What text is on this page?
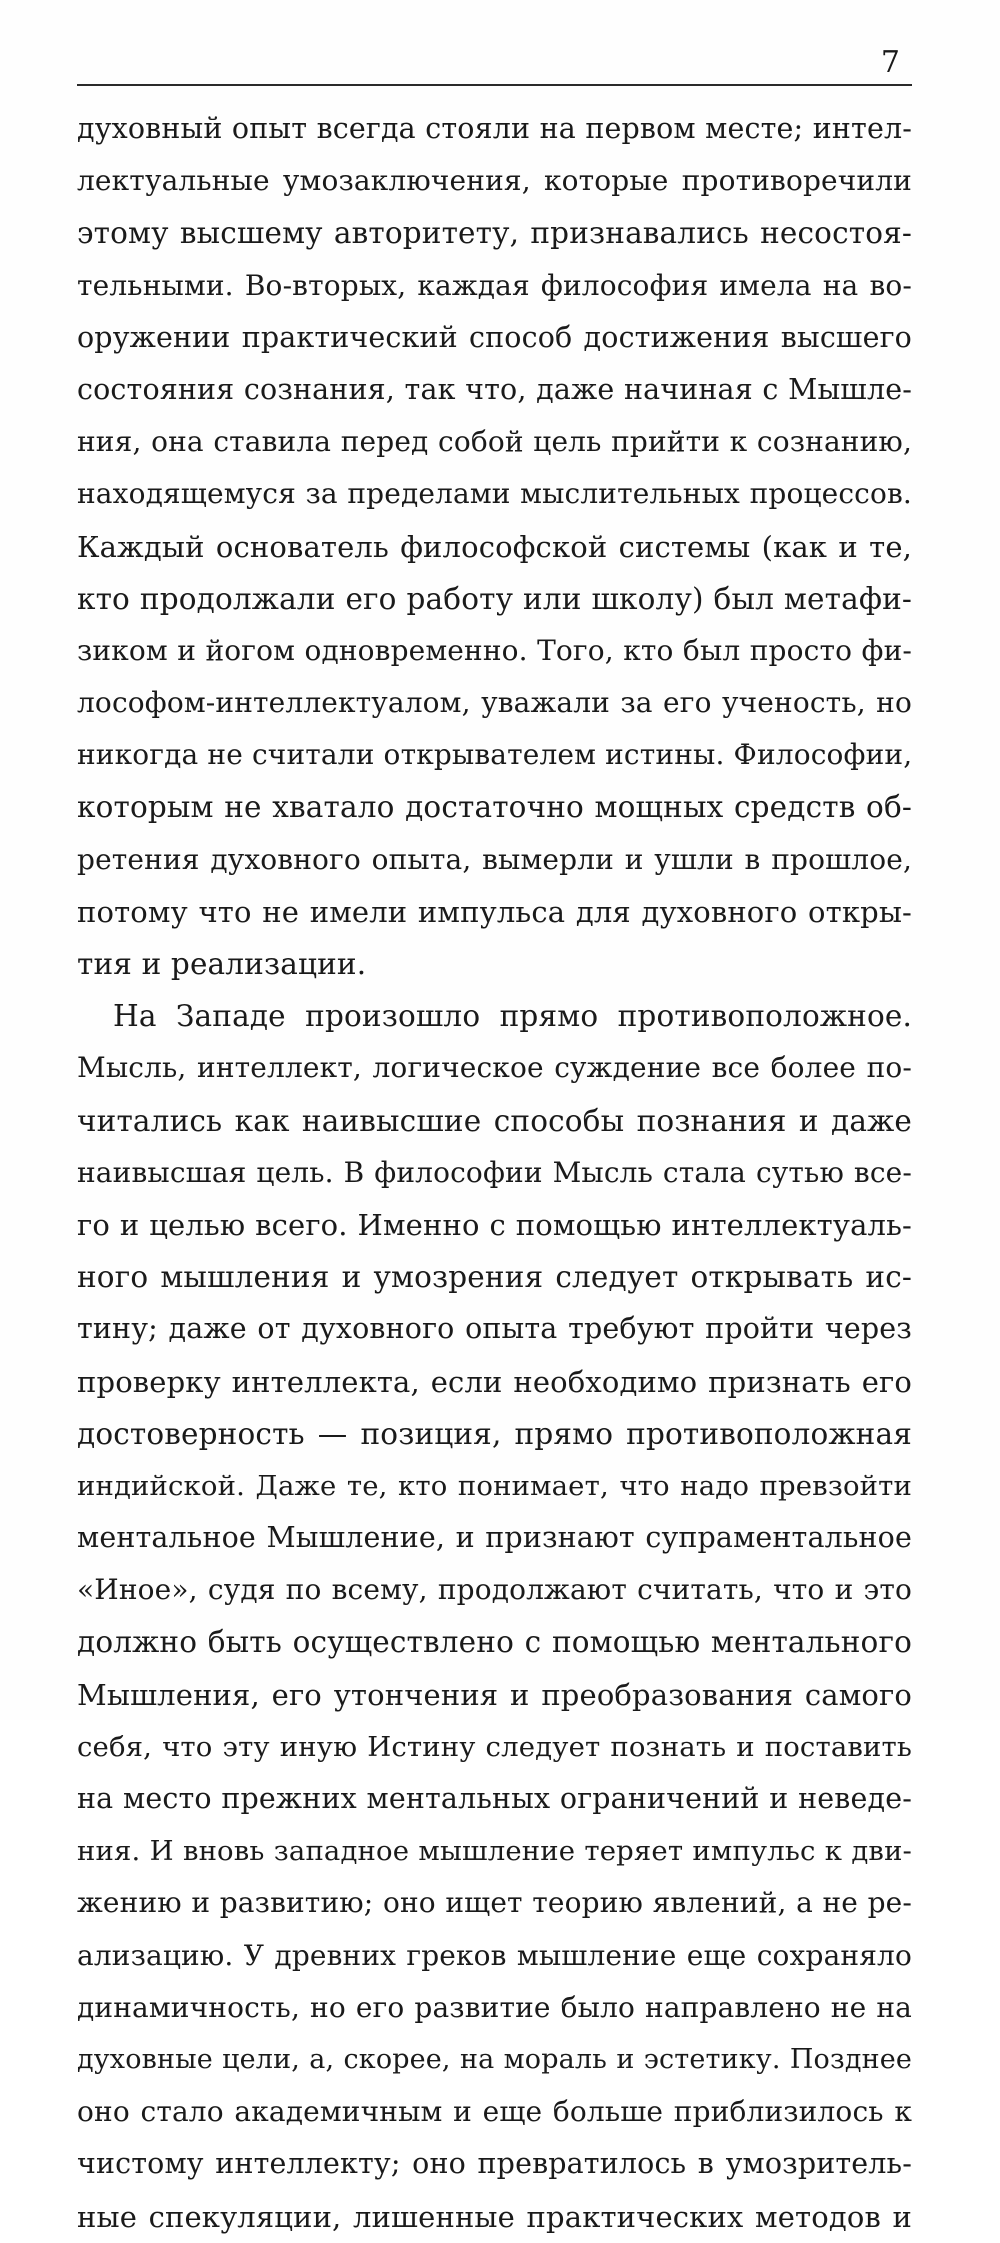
7
духовный опыт всегда стояли на первом месте; интел-
лектуальные умозаключения, которые противоречили
этому высшему авторитету, признавались несостоя-
тельными. Во-вторых, каждая философия имела на во-
оружении практический способ достижения высшего
состояния сознания, так что, даже начиная с Мышле-
ния, она ставила перед собой цель прийти к сознанию,
находящемуся за пределами мыслительных процессов.
Каждый основатель философской системы (как и те,
кто продолжали его работу или школу) был метафи-
зиком и йогом одновременно. Того, кто был просто фи-
лософом-интеллектуалом, уважали за его ученость, но
никогда не считали открывателем истины. Философии,
которым не хватало достаточно мощных средств об-
ретения духовного опыта, вымерли и ушли в прошлое,
потому что не имели импульса для духовного откры-
тия и реализации.
На Западе произошло прямо противоположное.
Мысль, интеллект, логическое суждение все более по-
читались как наивысшие способы познания и даже
наивысшая цель. В философии Мысль стала сутью все-
го и целью всего. Именно с помощью интеллектуаль-
ного мышления и умозрения следует открывать ис-
тину; даже от духовного опыта требуют пройти через
проверку интеллекта, если необходимо признать его
достоверность — позиция, прямо противоположная
индийской. Даже те, кто понимает, что надо превзойти
ментальное Мышление, и признают супраментальное
«Иное», судя по всему, продолжают считать, что и это
должно быть осуществлено с помощью ментального
Мышления, его утончения и преобразования самого
себя, что эту иную Истину следует познать и поставить
на место прежних ментальных ограничений и неведе-
ния. И вновь западное мышление теряет импульс к дви-
жению и развитию; оно ищет теорию явлений, а не ре-
ализацию. У древних греков мышление еще сохраняло
динамичность, но его развитие было направлено не на
духовные цели, а, скорее, на мораль и эстетику. Позднее
оно стало академичным и еще больше приблизилось к
чистому интеллекту; оно превратилось в умозритель-
ные спекуляции, лишенные практических методов и
